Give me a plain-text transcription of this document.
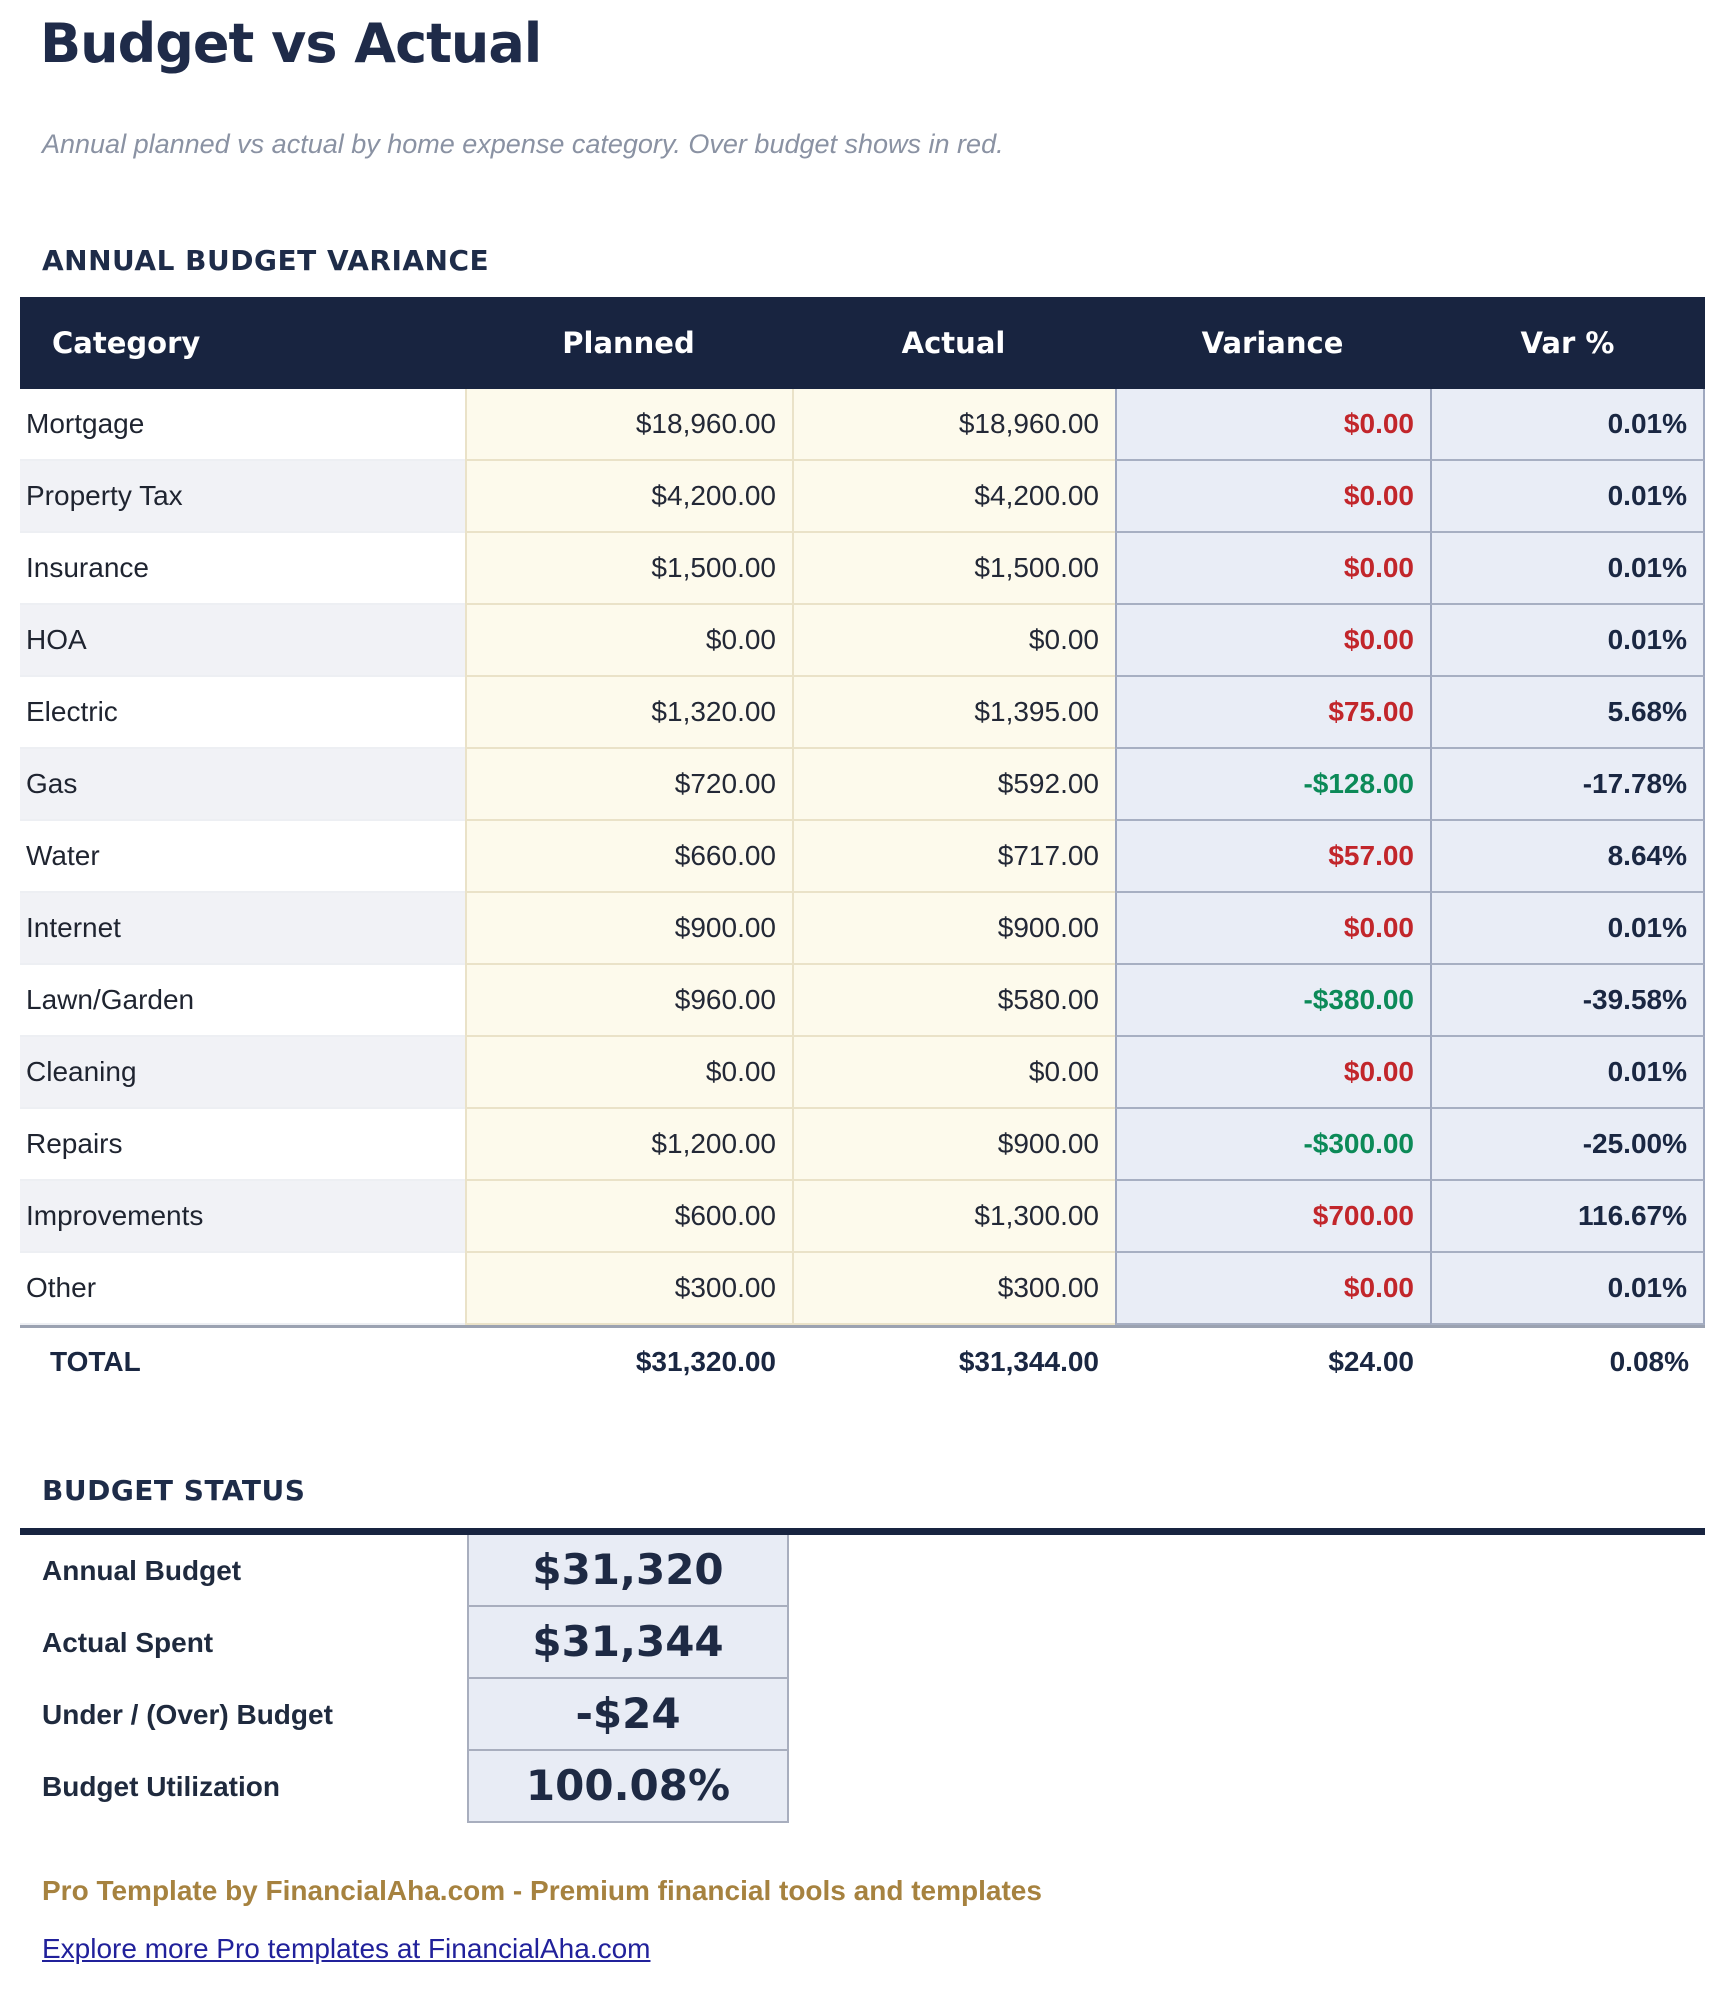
Budget vs Actual

Annual planned vs actual by home expense category. Over budget shows in red.

ANNUAL BUDGET VARIANCE
Category	Planned	Actual	Variance	Var %
Mortgage	$18,960.00	$18,960.00	$0.00	0.01%
Property Tax	$4,200.00	$4,200.00	$0.00	0.01%
Insurance	$1,500.00	$1,500.00	$0.00	0.01%
HOA	$0.00	$0.00	$0.00	0.01%
Electric	$1,320.00	$1,395.00	$75.00	5.68%
Gas	$720.00	$592.00	-$128.00	-17.78%
Water	$660.00	$717.00	$57.00	8.64%
Internet	$900.00	$900.00	$0.00	0.01%
Lawn/Garden	$960.00	$580.00	-$380.00	-39.58%
Cleaning	$0.00	$0.00	$0.00	0.01%
Repairs	$1,200.00	$900.00	-$300.00	-25.00%
Improvements	$600.00	$1,300.00	$700.00	116.67%
Other	$300.00	$300.00	$0.00	0.01%
TOTAL	$31,320.00	$31,344.00	$24.00	0.08%
BUDGET STATUS
Annual Budget	$31,320
Actual Spent	$31,344
Under / (Over) Budget	-$24
Budget Utilization	100.08%

Pro Template by FinancialAha.com - Premium financial tools and templates

Explore more Pro templates at FinancialAha.com
